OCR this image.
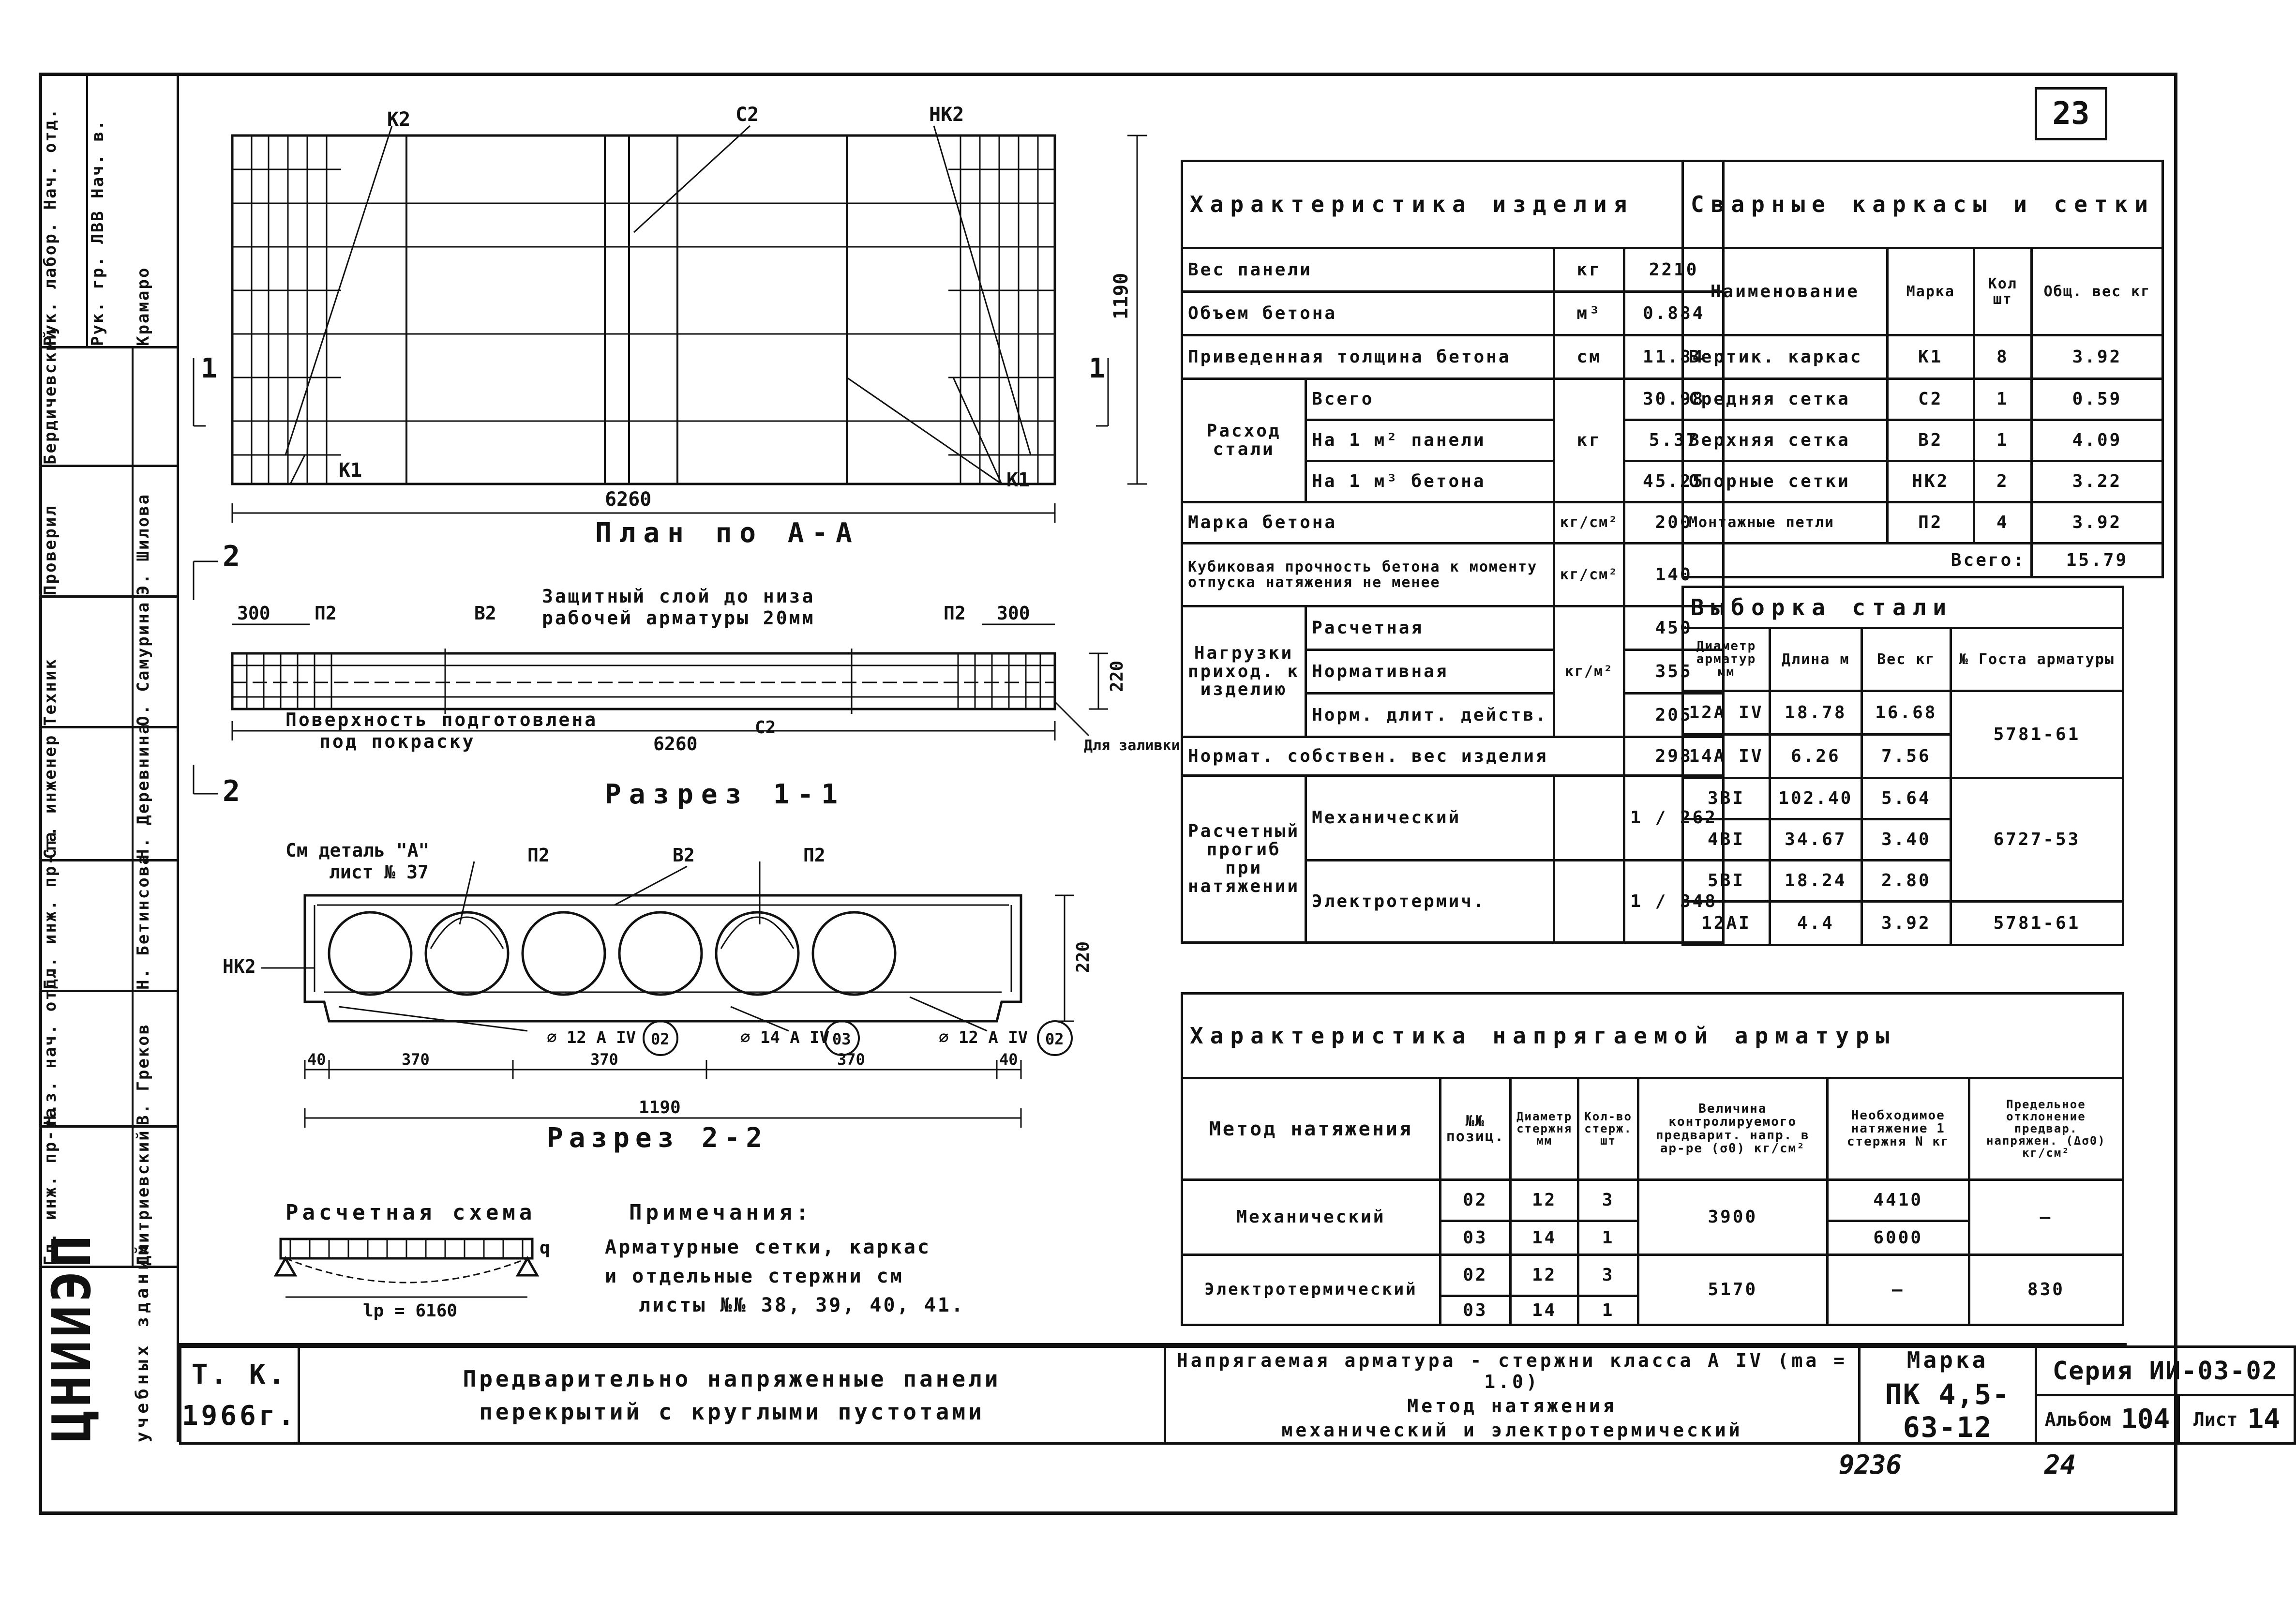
23
Рук. лабор. Нач. отд.	Рук. гр. ЛВВ Нач. в.	Крамаро
Бердичевский
Проверил	Э. Шилова
Техник	О. Самурина
Ст. инженер	Н. Деревнина
Гл. инж. пр-та	Н. Бетинсова
Н.з. нач. отд.	В. Греков
Гл. инж. пр-та	Дмитриевский
ЦНИИЭП	учебных зданий	Т. К.
1966г.
Предварительно напряженные панели
перекрытий с круглыми пустотами
Напрягаемая арматура - стержни класса А IV (mа = 1.0)
Метод натяжения
механический и электротермический
Марка
ПК 4,5-63-12
Серия ИИ-03-02
Альбом 104 Лист 14
9236	24
К2	С2	НК2
К1	К1
6260
1190
1	1
План по А-А
2
2
300	300
П2	В2	П2
С2
Защитный слой до низа
рабочей арматуры 20мм
Поверхность подготовлена
под покраску	6260
220
Для заливки
Разрез 1-1
См деталь "А"
лист № 37
П2	В2	П2
НК2
⌀ 12 А IV 02	⌀ 14 А IV 03	⌀ 12 А IV 02
40	370	370	370	40
1190
220
Разрез 2-2
Расчетная схема
q
lp = 6160
Примечания:
Арматурные сетки, каркас
и отдельные стержни см
листы №№ 38, 39, 40, 41.
Характеристика изделия			
Вес панели		кг	2210
Объем бетона		м³	0.884
Приведенная толщина бетона		см	11.84
Расход стали	Всего	кг	30.98
	На 1 м² панели		5.37
	На 1 м³ бетона		45.25
Марка бетона		кг/см²	200
Кубиковая прочность бетона к моменту отпуска натяжения не менее		кг/см²	140
Нагрузки приход. к изделию	Расчетная	кг/м²	450
	Нормативная		355
	Норм. длит. действ.		205
Нормат. собствен. вес изделия			298
Расчетный прогиб при натяжении	Механический		1 / 262
	Электротермич.		1 / 348
Сварные каркасы и сетки			
Наименование	Марка	Кол шт	Общ. вес кг
Вертик. каркас	К1	8	3.92
Средняя сетка	С2	1	0.59
Верхняя сетка	В2	1	4.09
Опорные сетки	НК2	2	3.22
Монтажные петли	П2	4	3.92
Всего:			15.79
Выборка стали			
Диаметр арматур мм	Длина м	Вес кг	№ Госта арматуры
12А IV	18.78	16.68	5781-61
14А IV	6.26	7.56	
3ВI	102.40	5.64	6727-53
4ВI	34.67	3.40	
5ВI	18.24	2.80	
12АI	4.4	3.92	5781-61
Характеристика напрягаемой арматуры						
Метод натяжения	№№ позиц.	Диаметр стержня мм	Кол-во стерж. шт	Величина контролируемого предварит. напр. в ар-ре (σ0) кг/см²	Необходимое натяжение 1 стержня N кг	Предельное отклонение предвар. напряжен. (Δσ0) кг/см²
Механический	02	12	3	3900	4410	—
	03	14	1		6000	
Электротермический	02	12	3	5170	—	830
	03	14	1			
